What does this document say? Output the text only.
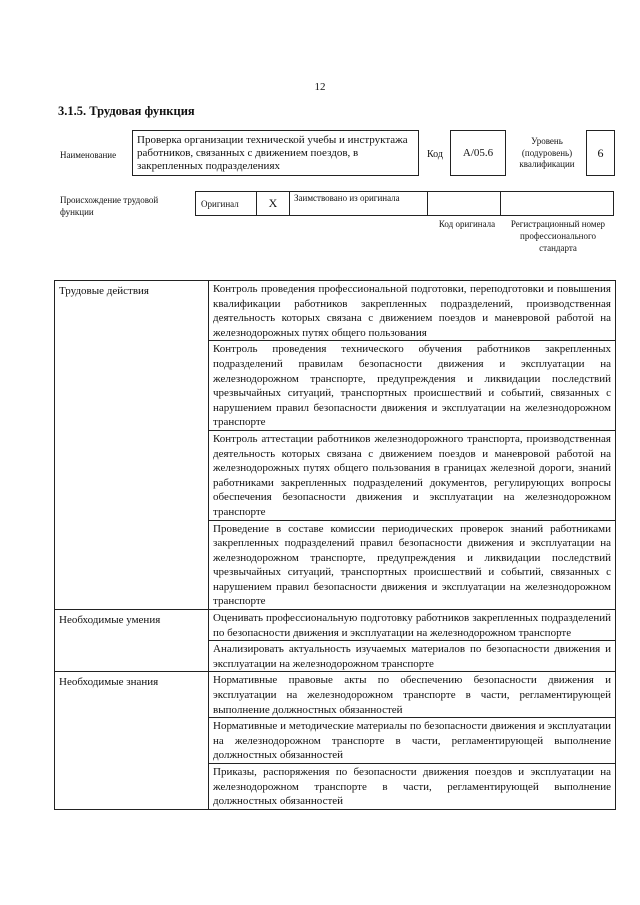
12
3.1.5. Трудовая функция
Наименование
Проверка организации технической учебы и инструктажа работников, связанных с движением поездов, в закрепленных подразделениях
Код	A/05.6
Уровень (подуровень) квалификации
6
Происхождение трудовой функции
Оригинал	X	Заимствовано из оригинала
Код оригинала	Регистрационный номер профессионального стандарта
Трудовые действия	Контроль проведения профессиональной подготовки, переподготовки и повышения квалификации работников закрепленных подразделений, производственная деятельность которых связана с движением поездов и маневровой работой на железнодорожных путях общего пользования
	Контроль проведения технического обучения работников закрепленных подразделений правилам безопасности движения и эксплуатации на железнодорожном транспорте, предупреждения и ликвидации последствий чрезвычайных ситуаций, транспортных происшествий и событий, связанных с нарушением правил безопасности движения и эксплуатации на железнодорожном транспорте
	Контроль аттестации работников железнодорожного транспорта, производственная деятельность которых связана с движением поездов и маневровой работой на железнодорожных путях общего пользования в границах железной дороги, знаний работниками закрепленных подразделений документов, регулирующих вопросы обеспечения безопасности движения и эксплуатации на железнодорожном транспорте
	Проведение в составе комиссии периодических проверок знаний работниками закрепленных подразделений правил безопасности движения и эксплуатации на железнодорожном транспорте, предупреждения и ликвидации последствий чрезвычайных ситуаций, транспортных происшествий и событий, связанных с нарушением правил безопасности движения и эксплуатации на железнодорожном транспорте
Необходимые умения	Оценивать профессиональную подготовку работников закрепленных подразделений по безопасности движения и эксплуатации на железнодорожном транспорте
	Анализировать актуальность изучаемых материалов по безопасности движения и эксплуатации на железнодорожном транспорте
Необходимые знания	Нормативные правовые акты по обеспечению безопасности движения и эксплуатации на железнодорожном транспорте в части, регламентирующей выполнение должностных обязанностей
	Нормативные и методические материалы по безопасности движения и эксплуатации на железнодорожном транспорте в части, регламентирующей выполнение должностных обязанностей
	Приказы, распоряжения по безопасности движения поездов и эксплуатации на железнодорожном транспорте в части, регламентирующей выполнение должностных обязанностей
